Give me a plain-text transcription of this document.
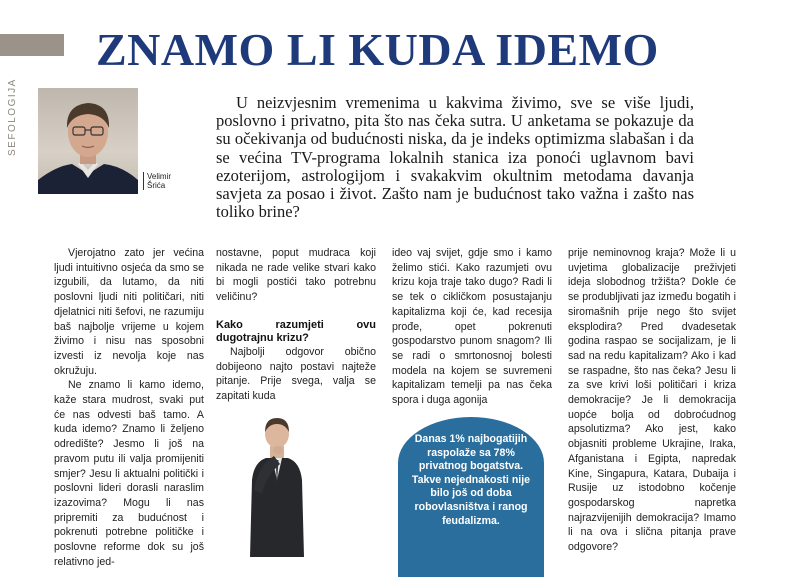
ZNAMO LI KUDA IDEMO
SEFOLOGIJA
Velimir
Šrića

U neizvjesnim vremenima u kakvima živimo, sve se više ljudi, poslovno i privatno, pita što nas čeka sutra. U anketama se pokazuje da su očekivanja od budućnosti niska, da je indeks optimizma slabašan i da se većina TV-programa lokalnih stanica iza ponoći uglavnom bavi ezoterijom, astrologijom i svakakvim okultnim metodama davanja savjeta za posao i život. Zašto nam je budućnost tako važna i zašto nas toliko brine?

Vjerojatno zato jer većina ljudi intuitivno osjeća da smo se izgubili, da lutamo, da niti poslovni ljudi niti političari, niti djelatnici niti šefovi, ne razumiju baš najbolje vrijeme u kojem živimo i nisu nas sposobni izvesti iz nevolja koje nas okružuju.

Ne znamo li kamo idemo, kaže stara mudrost, svaki put će nas odvesti baš tamo. A kuda idemo? Znamo li željeno odredište? Jesmo li još na pravom putu ili valja promijeniti smjer? Jesu li aktualni politički i poslovni lideri dorasli naraslim izazovima? Mogu li nas pripremiti za budućnost i pokrenuti potrebne političke i poslovne reforme dok su još relativno jed-

nostavne, poput mudraca koji nikada ne rade velike stvari kako bi mogli postići tako potrebnu veličinu?

Kako razumjeti ovu dugotrajnu krizu?

Najbolji odgovor obično dobijeono najto postavi najteže pitanje. Prije svega, valja se zapitati kuda

ideo vaj svijet, gdje smo i kamo želimo stići. Kako razumjeti ovu krizu koja traje tako dugo? Radi li se tek o cikličkom posustajanju kapitalizma koji će, kad recesija prođe, opet pokrenuti gospodarstvo punom snagom? Ili se radi o smrtonosnoj bolesti modela na kojem se suvremeni kapitalizam temelji pa nas čeka spora i duga agonija

Danas 1% najbogatijih raspolaže sa 78% privatnog bogatstva. Takve nejednakosti nije bilo još od doba robovlasništva i ranog feudalizma.

prije neminovnog kraja? Može li u uvjetima globalizacije preživjeti ideja slobodnog tržišta? Dokle će se produbljivati jaz između bogatih i siromašnih prije nego što svijet eksplodira? Pred dvadesetak godina raspao se socijalizam, je li sad na redu kapitalizam? Ako i kad se raspadne, što nas čeka? Jesu li za sve krivi loši političari i kriza demokracije? Je li demokracija uopće bolja od dobroćudnog apsolutizma? Ako jest, kako objasniti probleme Ukrajine, Iraka, Afganistana i Egipta, napredak Kine, Singapura, Katara, Dubaija i Rusije uz istodobno kočenje gospodarskog napretka najrazvijenijih demokracija? Imamo li na ova i slična pitanja prave odgovore?
